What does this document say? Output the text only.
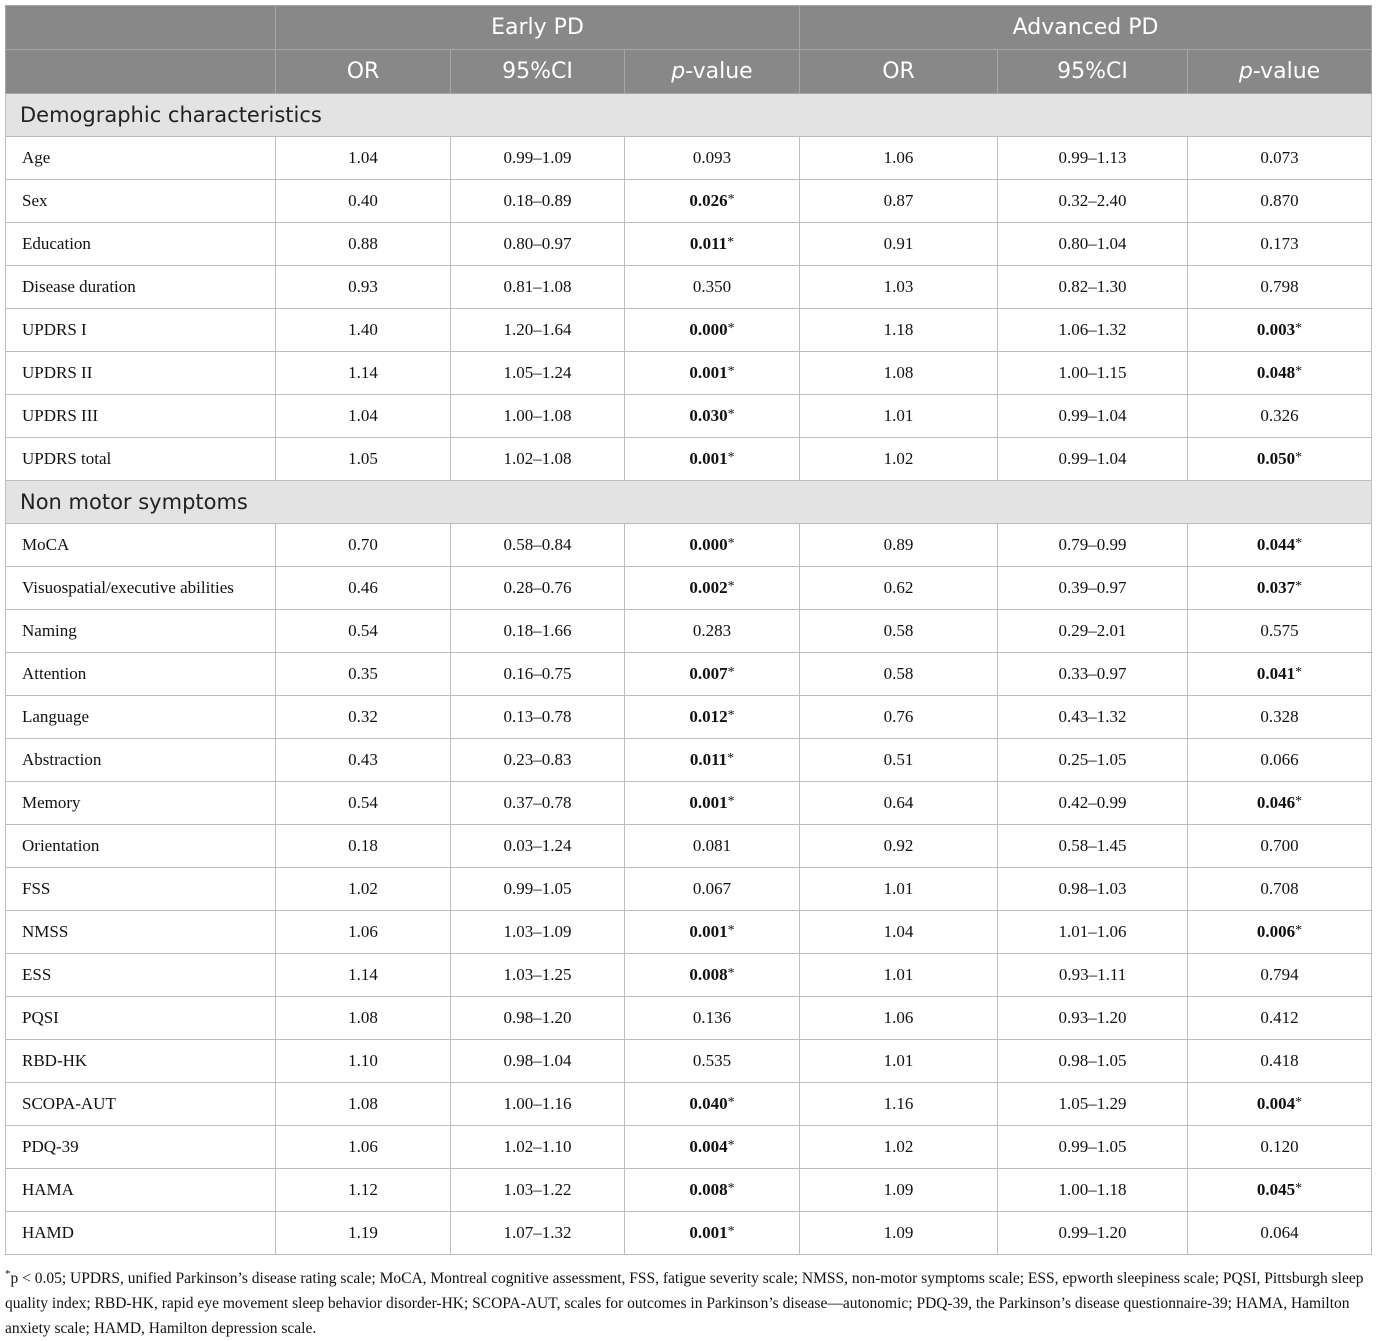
	Early PD			Advanced PD		
	OR	95%CI	p-value	OR	95%CI	p-value
Demographic characteristics						
Age	1.04	0.99–1.09	0.093	1.06	0.99–1.13	0.073
Sex	0.40	0.18–0.89	0.026*	0.87	0.32–2.40	0.870
Education	0.88	0.80–0.97	0.011*	0.91	0.80–1.04	0.173
Disease duration	0.93	0.81–1.08	0.350	1.03	0.82–1.30	0.798
UPDRS I	1.40	1.20–1.64	0.000*	1.18	1.06–1.32	0.003*
UPDRS II	1.14	1.05–1.24	0.001*	1.08	1.00–1.15	0.048*
UPDRS III	1.04	1.00–1.08	0.030*	1.01	0.99–1.04	0.326
UPDRS total	1.05	1.02–1.08	0.001*	1.02	0.99–1.04	0.050*
Non motor symptoms						
MoCA	0.70	0.58–0.84	0.000*	0.89	0.79–0.99	0.044*
Visuospatial/executive abilities	0.46	0.28–0.76	0.002*	0.62	0.39–0.97	0.037*
Naming	0.54	0.18–1.66	0.283	0.58	0.29–2.01	0.575
Attention	0.35	0.16–0.75	0.007*	0.58	0.33–0.97	0.041*
Language	0.32	0.13–0.78	0.012*	0.76	0.43–1.32	0.328
Abstraction	0.43	0.23–0.83	0.011*	0.51	0.25–1.05	0.066
Memory	0.54	0.37–0.78	0.001*	0.64	0.42–0.99	0.046*
Orientation	0.18	0.03–1.24	0.081	0.92	0.58–1.45	0.700
FSS	1.02	0.99–1.05	0.067	1.01	0.98–1.03	0.708
NMSS	1.06	1.03–1.09	0.001*	1.04	1.01–1.06	0.006*
ESS	1.14	1.03–1.25	0.008*	1.01	0.93–1.11	0.794
PQSI	1.08	0.98–1.20	0.136	1.06	0.93–1.20	0.412
RBD-HK	1.10	0.98–1.04	0.535	1.01	0.98–1.05	0.418
SCOPA-AUT	1.08	1.00–1.16	0.040*	1.16	1.05–1.29	0.004*
PDQ-39	1.06	1.02–1.10	0.004*	1.02	0.99–1.05	0.120
HAMA	1.12	1.03–1.22	0.008*	1.09	1.00–1.18	0.045*
HAMD	1.19	1.07–1.32	0.001*	1.09	0.99–1.20	0.064
*p < 0.05; UPDRS, unified Parkinson’s disease rating scale; MoCA, Montreal cognitive assessment, FSS, fatigue severity scale; NMSS, non-motor symptoms scale; ESS, epworth sleepiness scale; PQSI, Pittsburgh sleep quality index; RBD-HK, rapid eye movement sleep behavior disorder-HK; SCOPA-AUT, scales for outcomes in Parkinson’s disease—autonomic; PDQ-39, the Parkinson’s disease questionnaire-39; HAMA, Hamilton anxiety scale; HAMD, Hamilton depression scale.
